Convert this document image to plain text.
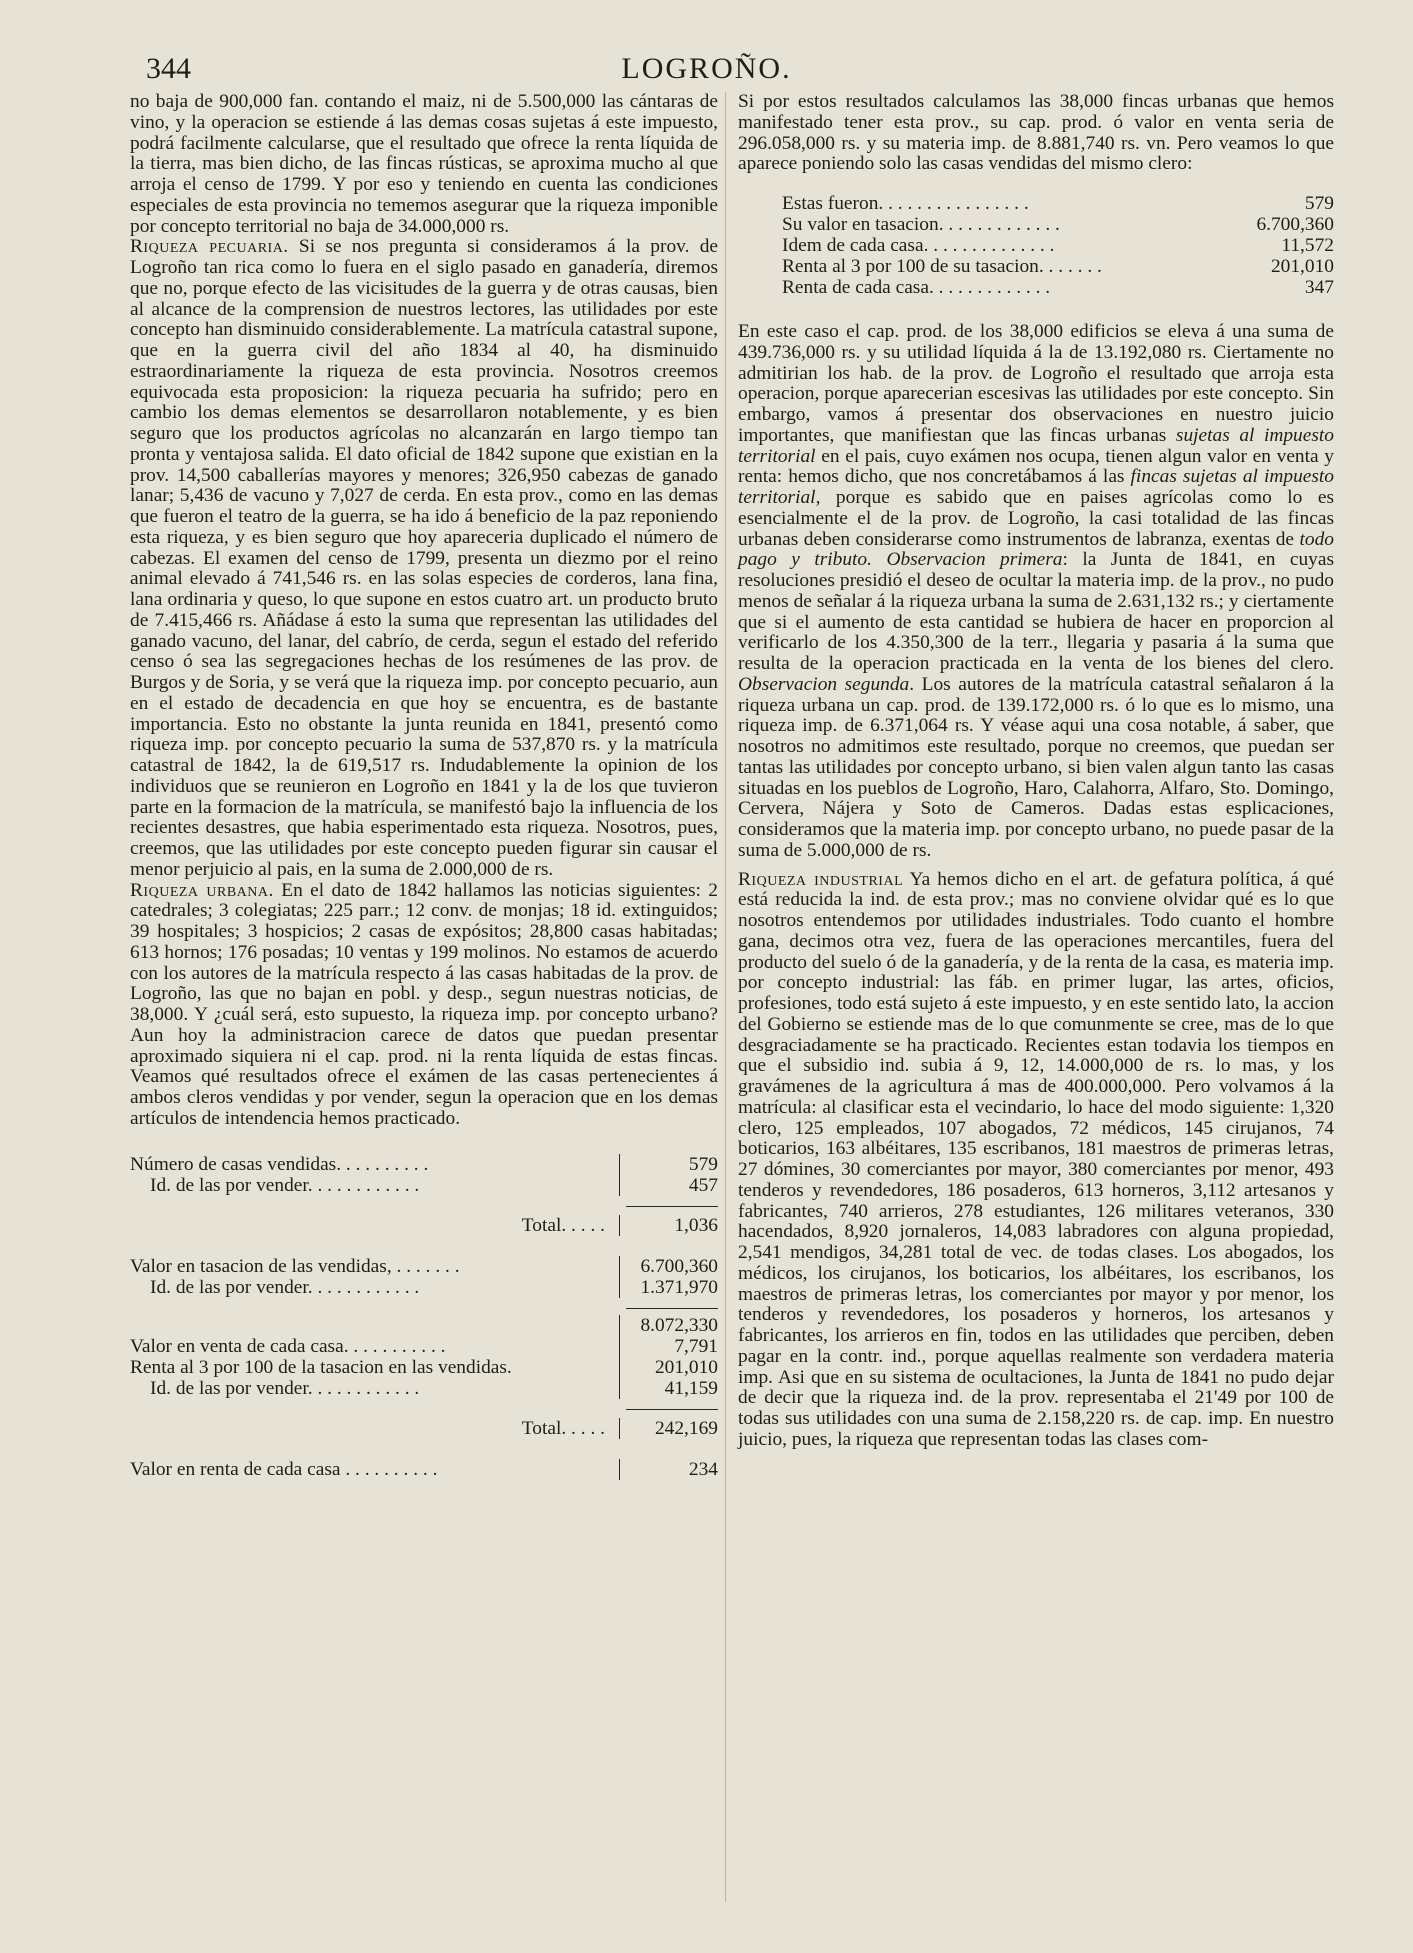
344	LOGROÑO.

no baja de 900,000 fan. contando el maiz, ni de 5.500,000 las cántaras de vino, y la operacion se estiende á las demas cosas sujetas á este impuesto, podrá facilmente calcularse, que el resultado que ofrece la renta líquida de la tierra, mas bien dicho, de las fincas rústicas, se aproxima mucho al que arroja el censo de 1799. Y por eso y teniendo en cuenta las condiciones especiales de esta provincia no tememos asegurar que la riqueza imponible por concepto territorial no baja de 34.000,000 rs.

Riqueza pecuaria. Si se nos pregunta si consideramos á la prov. de Logroño tan rica como lo fuera en el siglo pasado en ganadería, diremos que no, porque efecto de las vicisitudes de la guerra y de otras causas, bien al alcance de la comprension de nuestros lectores, las utilidades por este concepto han disminuido considerablemente. La matrícula catastral supone, que en la guerra civil del año 1834 al 40, ha disminuido estraordinariamente la riqueza de esta provincia. Nosotros creemos equivocada esta proposicion: la riqueza pecuaria ha sufrido; pero en cambio los demas elementos se desarrollaron notablemente, y es bien seguro que los productos agrícolas no alcanzarán en largo tiempo tan pronta y ventajosa salida. El dato oficial de 1842 supone que existian en la prov. 14,500 caballerías mayores y menores; 326,950 cabezas de ganado lanar; 5,436 de vacuno y 7,027 de cerda. En esta prov., como en las demas que fueron el teatro de la guerra, se ha ido á beneficio de la paz reponiendo esta riqueza, y es bien seguro que hoy apareceria duplicado el número de cabezas. El examen del censo de 1799, presenta un diezmo por el reino animal elevado á 741,546 rs. en las solas especies de corderos, lana fina, lana ordinaria y queso, lo que supone en estos cuatro art. un producto bruto de 7.415,466 rs. Añádase á esto la suma que representan las utilidades del ganado vacuno, del lanar, del cabrío, de cerda, segun el estado del referido censo ó sea las segregaciones hechas de los resúmenes de las prov. de Burgos y de Soria, y se verá que la riqueza imp. por concepto pecuario, aun en el estado de decadencia en que hoy se encuentra, es de bastante importancia. Esto no obstante la junta reunida en 1841, presentó como riqueza imp. por concepto pecuario la suma de 537,870 rs. y la matrícula catastral de 1842, la de 619,517 rs. Indudablemente la opinion de los individuos que se reunieron en Logroño en 1841 y la de los que tuvieron parte en la formacion de la matrícula, se manifestó bajo la influencia de los recientes desastres, que habia esperimentado esta riqueza. Nosotros, pues, creemos, que las utilidades por este concepto pueden figurar sin causar el menor perjuicio al pais, en la suma de 2.000,000 de rs.

Riqueza urbana. En el dato de 1842 hallamos las noticias siguientes: 2 catedrales; 3 colegiatas; 225 parr.; 12 conv. de monjas; 18 id. extinguidos; 39 hospitales; 3 hospicios; 2 casas de expósitos; 28,800 casas habitadas; 613 hornos; 176 posadas; 10 ventas y 199 molinos. No estamos de acuerdo con los autores de la matrícula respecto á las casas habitadas de la prov. de Logroño, las que no bajan en pobl. y desp., segun nuestras noticias, de 38,000. Y ¿cuál será, esto supuesto, la riqueza imp. por concepto urbano? Aun hoy la administracion carece de datos que puedan presentar aproximado siquiera ni el cap. prod. ni la renta líquida de estas fincas. Veamos qué resultados ofrece el exámen de las casas pertenecientes á ambos cleros vendidas y por vender, segun la operacion que en los demas artículos de intendencia hemos practicado.

Número de casas vendidas. . . . . . . . . .	579
Id. de las por vender. . . . . . . . . . . .	457
Total. . . . .	1,036
Valor en tasacion de las vendidas, . . . . . . .	6.700,360
Id. de las por vender. . . . . . . . . . . .	1.371,970
8.072,330
Valor en venta de cada casa. . . . . . . . . . .	7,791
Renta al 3 por 100 de la tasacion en las vendidas.	201,010
Id. de las por vender. . . . . . . . . . . .	41,159
Total. . . . .	242,169
Valor en renta de cada casa . . . . . . . . . .	234

Si por estos resultados calculamos las 38,000 fincas urbanas que hemos manifestado tener esta prov., su cap. prod. ó valor en venta seria de 296.058,000 rs. y su materia imp. de 8.881,740 rs. vn. Pero veamos lo que aparece poniendo solo las casas vendidas del mismo clero:

Estas fueron. . . . . . . . . . . . . . . .	579
Su valor en tasacion. . . . . . . . . . . . .	6.700,360
Idem de cada casa. . . . . . . . . . . . . .	11,572
Renta al 3 por 100 de su tasacion. . . . . . .	201,010
Renta de cada casa. . . . . . . . . . . . .	347

En este caso el cap. prod. de los 38,000 edificios se eleva á una suma de 439.736,000 rs. y su utilidad líquida á la de 13.192,080 rs. Ciertamente no admitirian los hab. de la prov. de Logroño el resultado que arroja esta operacion, porque aparecerian escesivas las utilidades por este concepto. Sin embargo, vamos á presentar dos observaciones en nuestro juicio importantes, que manifiestan que las fincas urbanas sujetas al impuesto territorial en el pais, cuyo exámen nos ocupa, tienen algun valor en venta y renta: hemos dicho, que nos concretábamos á las fincas sujetas al impuesto territorial, porque es sabido que en paises agrícolas como lo es esencialmente el de la prov. de Logroño, la casi totalidad de las fincas urbanas deben considerarse como instrumentos de labranza, exentas de todo pago y tributo. Observacion primera: la Junta de 1841, en cuyas resoluciones presidió el deseo de ocultar la materia imp. de la prov., no pudo menos de señalar á la riqueza urbana la suma de 2.631,132 rs.; y ciertamente que si el aumento de esta cantidad se hubiera de hacer en proporcion al verificarlo de los 4.350,300 de la terr., llegaria y pasaria á la suma que resulta de la operacion practicada en la venta de los bienes del clero. Observacion segunda. Los autores de la matrícula catastral señalaron á la riqueza urbana un cap. prod. de 139.172,000 rs. ó lo que es lo mismo, una riqueza imp. de 6.371,064 rs. Y véase aqui una cosa notable, á saber, que nosotros no admitimos este resultado, porque no creemos, que puedan ser tantas las utilidades por concepto urbano, si bien valen algun tanto las casas situadas en los pueblos de Logroño, Haro, Calahorra, Alfaro, Sto. Domingo, Cervera, Nájera y Soto de Cameros. Dadas estas esplicaciones, consideramos que la materia imp. por concepto urbano, no puede pasar de la suma de 5.000,000 de rs.

Riqueza industrial Ya hemos dicho en el art. de gefatura política, á qué está reducida la ind. de esta prov.; mas no conviene olvidar qué es lo que nosotros entendemos por utilidades industriales. Todo cuanto el hombre gana, decimos otra vez, fuera de las operaciones mercantiles, fuera del producto del suelo ó de la ganadería, y de la renta de la casa, es materia imp. por concepto industrial: las fáb. en primer lugar, las artes, oficios, profesiones, todo está sujeto á este impuesto, y en este sentido lato, la accion del Gobierno se estiende mas de lo que comunmente se cree, mas de lo que desgraciadamente se ha practicado. Recientes estan todavia los tiempos en que el subsidio ind. subia á 9, 12, 14.000,000 de rs. lo mas, y los gravámenes de la agricultura á mas de 400.000,000. Pero volvamos á la matrícula: al clasificar esta el vecindario, lo hace del modo siguiente: 1,320 clero, 125 empleados, 107 abogados, 72 médicos, 145 cirujanos, 74 boticarios, 163 albéitares, 135 escribanos, 181 maestros de primeras letras, 27 dómines, 30 comerciantes por mayor, 380 comerciantes por menor, 493 tenderos y revendedores, 186 posaderos, 613 horneros, 3,112 artesanos y fabricantes, 740 arrieros, 278 estudiantes, 126 militares veteranos, 330 hacendados, 8,920 jornaleros, 14,083 labradores con alguna propiedad, 2,541 mendigos, 34,281 total de vec. de todas clases. Los abogados, los médicos, los cirujanos, los boticarios, los albéitares, los escribanos, los maestros de primeras letras, los comerciantes por mayor y por menor, los tenderos y revendedores, los posaderos y horneros, los artesanos y fabricantes, los arrieros en fin, todos en las utilidades que perciben, deben pagar en la contr. ind., porque aquellas realmente son verdadera materia imp. Asi que en su sistema de ocultaciones, la Junta de 1841 no pudo dejar de decir que la riqueza ind. de la prov. representaba el 21'49 por 100 de todas sus utilidades con una suma de 2.158,220 rs. de cap. imp. En nuestro juicio, pues, la riqueza que representan todas las clases com-
